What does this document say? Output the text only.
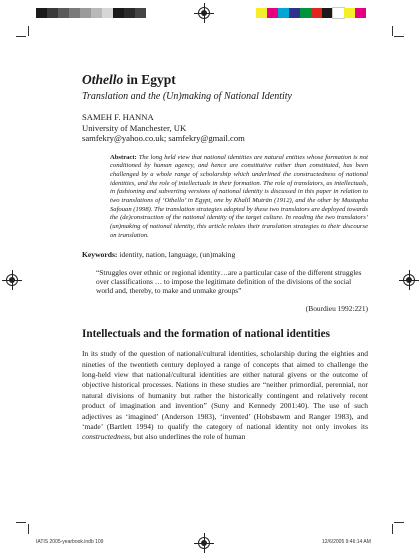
Othello in Egypt
Translation and the (Un)making of National Identity
SAMEH F. HANNA
University of Manchester, UK
samfekry@yahoo.co.uk; samfekry@gmail.com
Abstract: The long held view that national identities are natural entities whose formation is not conditioned by human agency, and hence are constitutive rather than constituted, has been challenged by a whole range of scholarship which underlined the constructedness of national identities, and the role of intellectuals in their formation. The role of translators, as intellectuals, in fashioning and subverting versions of national identity is discussed in this paper in relation to two translations of ‘Othello’ in Egypt, one by Khalīl Mutrān (1912), and the other by Mustapha Safouan (1998). The translation strategies adopted by these two translators are deployed towards the (de)construction of the national identity of the target culture. In reading the two translators’ (un)making of national identity, this article relates their translation strategies to their discourse on translation.
Keywords: identity, nation, language, (un)making
“Struggles over ethnic or regional identity…are a particular case of the different struggles over classifications … to impose the legitimate definition of the divisions of the social world and, thereby, to make and unmake groups”
(Bourdieu 1992:221)
Intellectuals and the formation of national identities
In its study of the question of national/cultural identities, scholarship during the eighties and nineties of the twentieth century deployed a range of concepts that aimed to challenge the long-held view that national/cultural identities are either natural givens or the outcome of objective historical processes. Nations in these studies are “neither primordial, perennial, nor natural divisions of humanity but rather the historically contingent and relatively recent product of imagination and invention” (Suny and Kennedy 2001:40). The use of such adjectives as ‘imagined’ (Anderson 1983), ‘invented’ (Hobsbawm and Ranger 1983), and ‘made’ (Bartlett 1994) to qualify the category of national identity not only invokes its constructedness, but also underlines the role of human
IATIS 2005-yearbook.indb 109	12/6/2005 9:46:14 AM
